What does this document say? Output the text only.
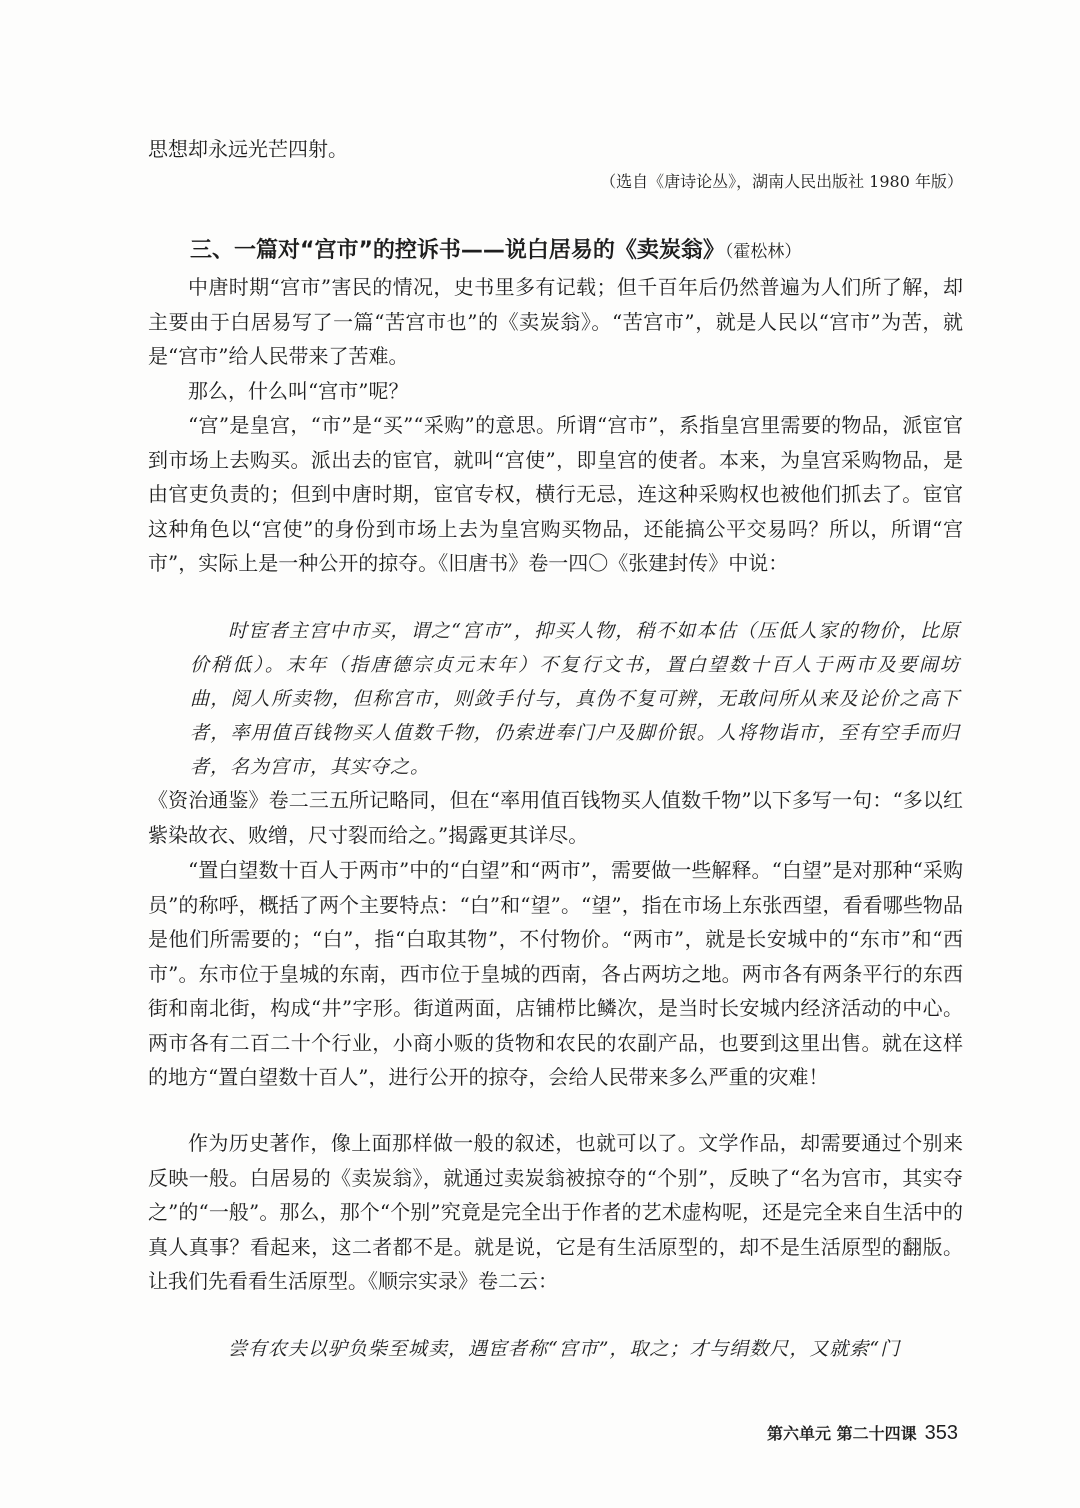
思想却永远光芒四射。

（选自《唐诗论丛》，湖南人民出版社 1980 年版）
三、一篇对“宫市”的控诉书——说白居易的《卖炭翁》（霍松林）

中唐时期“宫市”害民的情况，史书里多有记载；但千百年后仍然普遍为人们所了解，却主要由于白居易写了一篇“苦宫市也”的《卖炭翁》。“苦宫市”，就是人民以“宫市”为苦，就是“宫市”给人民带来了苦难。

那么，什么叫“宫市”呢？

“宫”是皇宫，“市”是“买”“采购”的意思。所谓“宫市”，系指皇宫里需要的物品，派宦官到市场上去购买。派出去的宦官，就叫“宫使”，即皇宫的使者。本来，为皇宫采购物品，是由官吏负责的；但到中唐时期，宦官专权，横行无忌，连这种采购权也被他们抓去了。宦官这种角色以“宫使”的身份到市场上去为皇宫购买物品，还能搞公平交易吗？所以，所谓“宫市”，实际上是一种公开的掠夺。《旧唐书》卷一四〇《张建封传》中说：

时宦者主宫中市买，谓之“宫市”，抑买人物，稍不如本估（压低人家的物价，比原价稍低）。末年（指唐德宗贞元末年）不复行文书，置白望数十百人于两市及要闹坊曲，阅人所卖物，但称宫市，则敛手付与，真伪不复可辨，无敢问所从来及论价之高下者，率用值百钱物买人值数千物，仍索进奉门户及脚价银。人将物诣市，至有空手而归者，名为宫市，其实夺之。

《资治通鉴》卷二三五所记略同，但在“率用值百钱物买人值数千物”以下多写一句：“多以红紫染故衣、败缯，尺寸裂而给之。”揭露更其详尽。

“置白望数十百人于两市”中的“白望”和“两市”，需要做一些解释。“白望”是对那种“采购员”的称呼，概括了两个主要特点：“白”和“望”。“望”，指在市场上东张西望，看看哪些物品是他们所需要的；“白”，指“白取其物”，不付物价。“两市”，就是长安城中的“东市”和“西市”。东市位于皇城的东南，西市位于皇城的西南，各占两坊之地。两市各有两条平行的东西街和南北街，构成“井”字形。街道两面，店铺栉比鳞次，是当时长安城内经济活动的中心。两市各有二百二十个行业，小商小贩的货物和农民的农副产品，也要到这里出售。就在这样的地方“置白望数十百人”，进行公开的掠夺，会给人民带来多么严重的灾难！

作为历史著作，像上面那样做一般的叙述，也就可以了。文学作品，却需要通过个别来反映一般。白居易的《卖炭翁》，就通过卖炭翁被掠夺的“个别”，反映了“名为宫市，其实夺之”的“一般”。那么，那个“个别”究竟是完全出于作者的艺术虚构呢，还是完全来自生活中的真人真事？看起来，这二者都不是。就是说，它是有生活原型的，却不是生活原型的翻版。让我们先看看生活原型。《顺宗实录》卷二云：

尝有农夫以驴负柴至城卖，遇宦者称“宫市”，取之；才与绢数尺，又就索“门

第六单元 第二十四课 353
